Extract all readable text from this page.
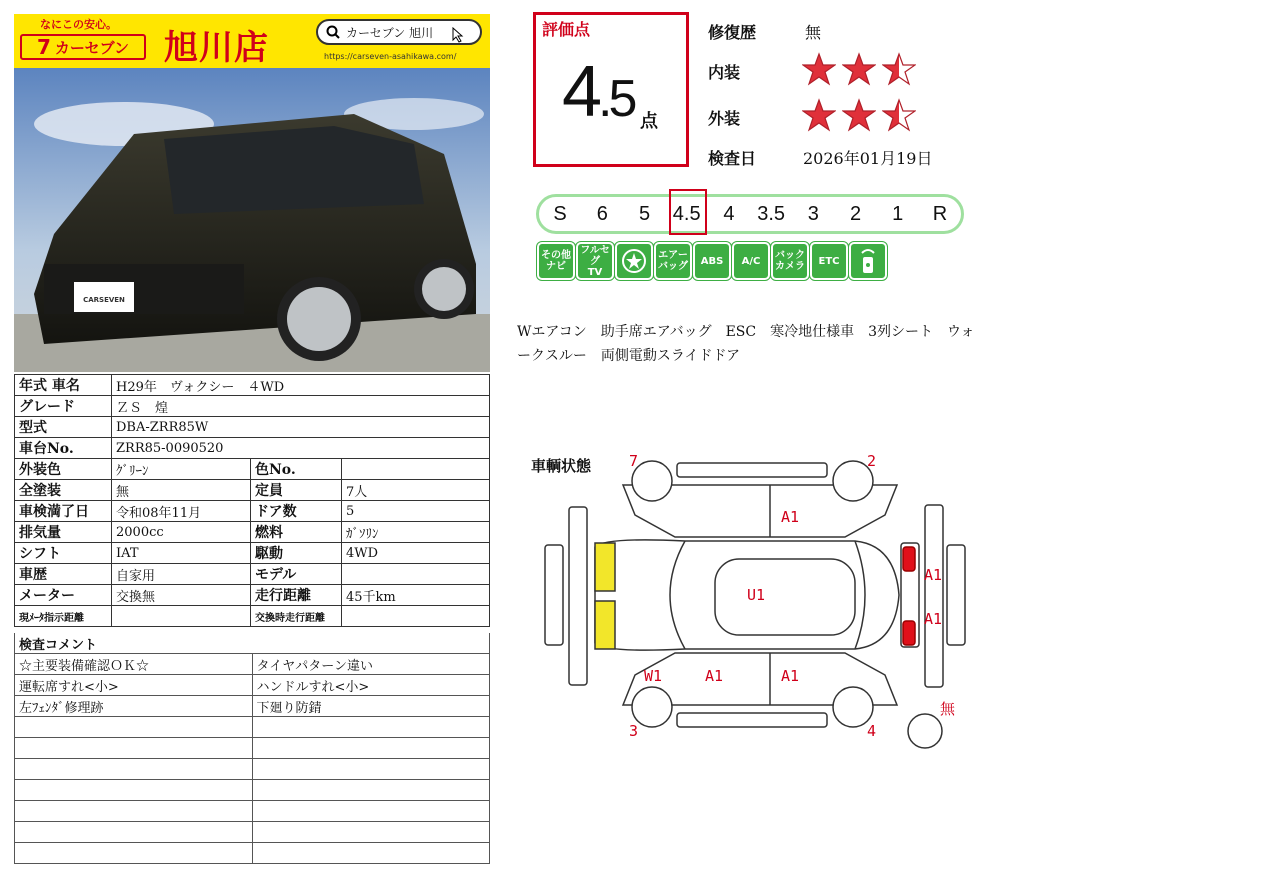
CARSEVEN
なにこの安心。
7 カーセブン 旭川店	カーセブン 旭川
https://carseven-asahikawa.com/
年式 車名	H29年　ヴォクシー　４WD		
グレード	ＺＳ　煌		
型式	DBA-ZRR85W		
車台No.	ZRR85-0090520		
外装色	ｸﾞﾘｰﾝ	色No.	
全塗装	無	定員	7人
車検満了日	令和08年11月	ドア数	5
排気量	2000cc	燃料	ｶﾞｿﾘﾝ
シフト	IAT	駆動	4WD
車歴	自家用	モデル	
メーター	交換無	走行距離	45千km
現ﾒｰﾀ指示距離		交換時走行距離	
検査コメント	
☆主要装備確認ＯＫ☆	タイヤパターン違い
運転席すれ<小>	ハンドルすれ<小>
左ﾌｪﾝﾀﾞ修理跡	下廻り防錆

評価点
4.5 点
修復歴	無
内装
外装
検査日	2026年01月19日
S	6	5	4.5	4	3.5	3	2	1	R
その他
ナビ
フルセグ
TV
エアー
バッグ	ABS	A/C	バック
カメラ	ETC
Wエアコン　助手席エアバッグ　ESC　寒冷地仕様車　3列シート　ウォークスルー　両側電動スライドドア
車輌状態	7	2
3	4
U1
A1
A1	A1
W1
A1
A1
無
